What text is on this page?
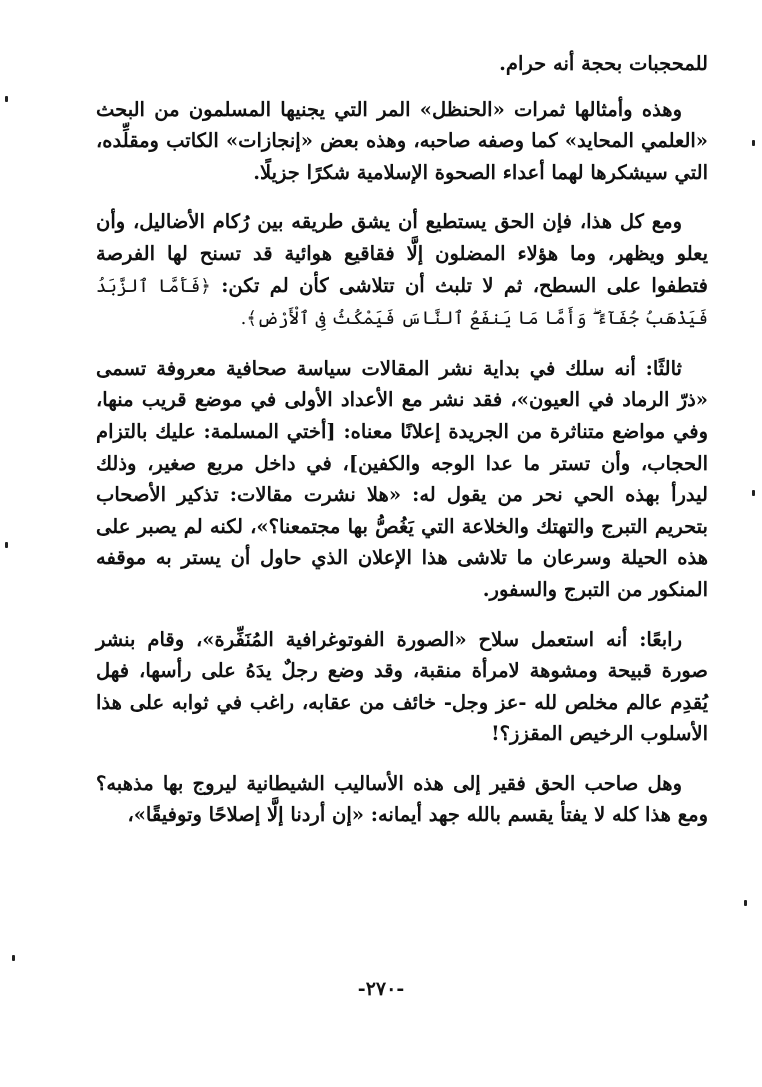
للمحجبات بحجة أنه حرام.

وهذه وأمثالها ثمرات «الحنظل» المر التي يجنيها المسلمون من البحث «العلمي المحايد» كما وصفه صاحبه، وهذه بعض «إنجازات» الكاتب ومقلِّده، التي سيشكرها لهما أعداء الصحوة الإسلامية شكرًا جزيلًا.

ومع كل هذا، فإن الحق يستطيع أن يشق طريقه بين رُكام الأضاليل، وأن يعلو ويظهر، وما هؤلاء المضلون إلَّا فقاقيع هوائية قد تسنح لها الفرصة فتطفوا على السطح، ثم لا تلبث أن تتلاشى كأن لم تكن: ﴿فَأَمَّا ٱلزَّبَدُ فَيَذْهَبُ جُفَآءً ۖ وَأَمَّا مَا يَنفَعُ ٱلنَّاسَ فَيَمْكُثُ فِى ٱلْأَرْضِ﴾.

ثالثًا: أنه سلك في بداية نشر المقالات سياسة صحافية معروفة تسمى «ذرّ الرماد في العيون»، فقد نشر مع الأعداد الأولى في موضع قريب منها، وفي مواضع متناثرة من الجريدة إعلانًا معناه: [أختي المسلمة: عليك بالتزام الحجاب، وأن تستر ما عدا الوجه والكفين]، في داخل مربع صغير، وذلك ليدرأ بهذه الحي نحر من يقول له: «هلا نشرت مقالات: تذكير الأصحاب بتحريم التبرج والتهتك والخلاعة التي يَغُصُّ بها مجتمعنا؟»، لكنه لم يصبر على هذه الحيلة وسرعان ما تلاشى هذا الإعلان الذي حاول أن يستر به موقفه المنكور من التبرج والسفور.

رابعًا: أنه استعمل سلاح «الصورة الفوتوغرافية المُنَفِّرة»، وقام بنشر صورة قبيحة ومشوهة لامرأة منقبة، وقد وضع رجلٌ يدَهُ على رأسها، فهل يُقدِم عالم مخلص لله -عز وجل- خائف من عقابه، راغب في ثوابه على هذا الأسلوب الرخيص المقزز؟!

وهل صاحب الحق فقير إلى هذه الأساليب الشيطانية ليروج بها مذهبه؟ ومع هذا كله لا يفتأ يقسم بالله جهد أيمانه: «إن أردنا إلَّا إصلاحًا وتوفيقًا»،

-٢٧٠-
